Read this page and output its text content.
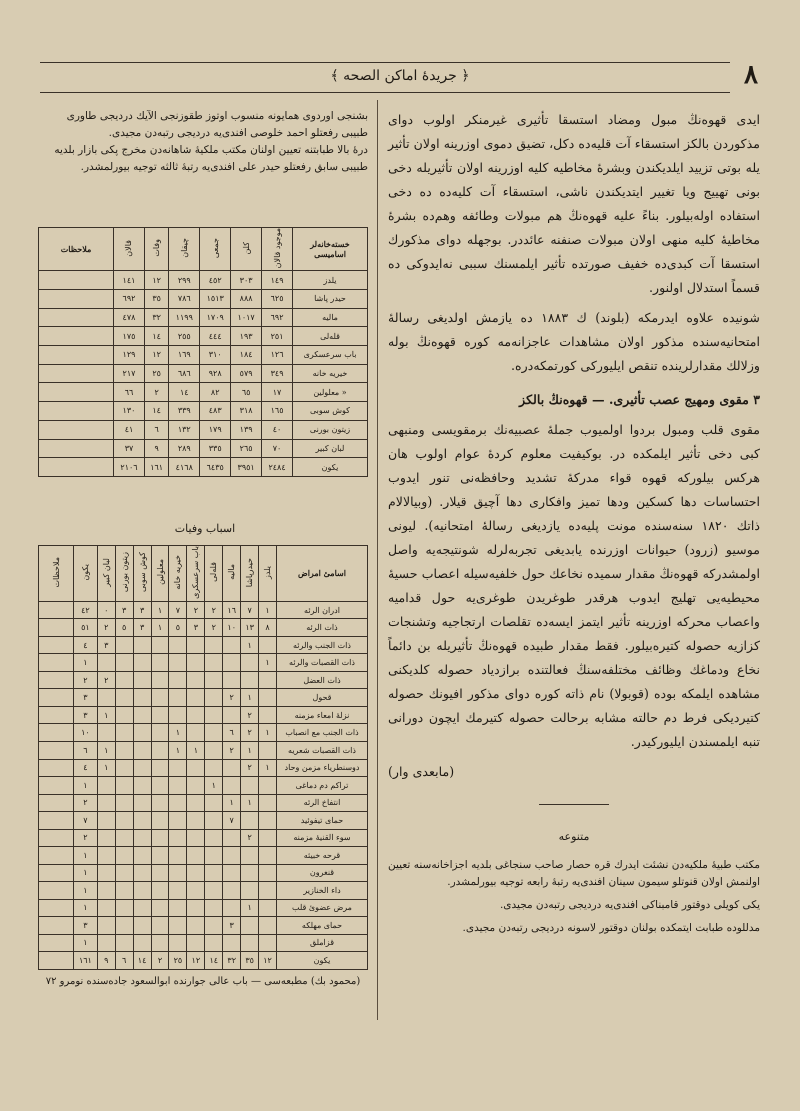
٨
﴿ جريدهٔ اماكن الصحه ﴾

ايدى قهوه‌نڭ مبول ومضاد استسقا تأثيرى غيرمنكر اولوب دوای مذكوردن بالكز استسقاء آت قليه‌ده دكل، تضيق دموى اوزرينه اولان تأثير يله بوتى تزييد ايلديكندن وبشرهٔ مخاطيه كليه اوزرينه اولان تأثيريله دخى بونى تهييج ويا تغيير ايتديكندن ناشى، استسقاء آت كليه‌ده ده دخى استفاده اوله‌بيلور. بناءً عليه قهوه‌نڭ هم مبولات وطائفه وهم‌ده بشرهٔ مخاطيهٔ كليه منهى اولان مبولات صنفنه عائددر. بوجهله دواى مذكورك استسقا آت كبدى‌ده خفيف صورتده تأثير ايلمسنك سببى نه‌ايدوكى ده قسماً استدلال اولنور.

شونيده علاوه ايدرمكه (بلوند) ك ١٨٨٣ ده يازمش اولديغى رسالهٔ امتحانيه‌سنده مذكور اولان مشاهدات عاجزانه‌مه كوره قهوه‌نڭ بوله وزلالك مقدارلرينده تنقص ايليوركى كورتمكه‌دره.

٣ مقوى ومهيج عصب تأثيرى. — قهوه‌نڭ بالكز

مقوى قلب ومبول بردوا اولميوب جملهٔ عصبيه‌نك برمقويسى ومنبهى كبى دخى تأثير ايلمكده در. بوكيفيت معلوم كردهٔ عوام اولوب هان هركس بيلوركه قهوه قواء مدركهٔ تشديد وحافظه‌نى تنور ايدوب احتساسات دها كسكين ودها تميز وافكارى دها آچيق قيلار. (وبيالالام ذاتك ١٨٢٠ سنه‌سنده مونت پليه‌ده يازديغى رسالهٔ امتحانيه). ليونى موسيو (زرود) حيوانات اوزرنده يابديغى تجربه‌لرله شونتيجه‌يه واصل اولمشدركه قهوه‌نڭ مقدار سميده نخاعك حول خلفيه‌سيله اعصاب حسيهٔ محيطيه‌يى تهليج ايدوب هرقدر طوغريدن طوغرى‌يه حول قدامیه واعصاب محركه اوزرينه تأثير ايتمز ايسه‌ده تقلصات ارتجاجيه وتشنجات كزازيه حصوله كتيره‌بيلور. فقط مقدار طبيده قهوه‌نڭ تأثيريله بن دائماً نخاع ودماغك وظائف مختلفه‌سنڭ فعالتنده برازدياد حصوله كلديكنى مشاهده ايلمكه بوده (قوبولا) نام ذاته كوره دواى مذكور افيونك حصوله كتيرديكى فرط دم حالته مشابه برحالت حصوله كتيرمك ايچون دورانى تنبه ايلمسندن ايليوركيدر.

(مابعدى وار)

متنوعه

مكتب طبيهٔ ملكيه‌دن نشئت ايدرك قره حصار صاحب سنجاغى بلديه اجزاخانه‌سنه تعيين اولنمش اولان قنوتلو سيمون سينان افندى‌يه رتبهٔ رابعه توجيه بيورلمشدر.

يكى كويلى دوقتور قامبناكى افندى‌يه درديجى رتبه‌دن مجيدى.

مدللوده طبابت ايتمكده بولنان دوقتور لاسونه درديجى رتبه‌دن مجيدى.

بشنجى اوردوى همايونه منسوب اوتوز طقوزنجى الآيك درديجى طاورى طبيبى رفعتلو احمد خلوصى افندى‌يه درديجى رتبه‌دن مجيدى.
درهٔ بالا طبابتنه تعيين اولنان مكتب ملكيهٔ شاهانه‌دن مخرج پكى بازار بلديه طبيبى سابق رفعتلو حيدر على افندى‌يه رتبهٔ ثالثه توجيه بيورلمشدر.
خسته‌خانه‌لر اسامیسی	موجود قالان	كلن	جمعى	چيقان	وفات	قالان	ملاحظات
يلدز	١٤٩	٣٠٣	٤٥٢	٢٩٩	١٢	١٤١	
حيدر پاشا	٦٢٥	٨٨٨	١٥١٣	٧٨٦	٣٥	٦٩٢	
ماليه	٦٩٢	١٠١٧	١٧٠٩	١١٩٩	٣٢	٤٧٨	
قله‌لى	٢٥١	١٩٣	٤٤٤	٢٥٥	١٤	١٧٥	
باب سرعسكرى	١٢٦	١٨٤	٣١٠	١٦٩	١٢	١٢٩	
خيريه خانه	٣٤٩	٥٧٩	٩٢٨	٦٨٦	٢٥	٢١٧	
« معلولين	١٧	٦٥	٨٢	١٤	٢	٦٦	
كوش سوبى	١٦٥	٣١٨	٤٨٣	٣٣٩	١٤	١٣٠	
زيتون بورنى	٤٠	١٣٩	١٧٩	١٣٢	٦	٤١	
لبان كبير	٧٠	٢٦٥	٣٣٥	٢٨٩	٩	٣٧	
يكون	٢٤٨٤	٣٩٥١	٦٤٣٥	٤١٦٨	١٦١	٢١٠٦	
اسباب وفيات
اسامىٔ امراض	يلدز	حيدرپاشا	ماليه	قله‌لى	باب سرعسكرى	خيريه خانه	معلولين	كوش سوبى	زيتون بورنى	لبان كبير	يكون	ملاحظات
ادران الرئه	١	٧	١٦	٢	٢	٧	١	٣	٣	٠	٤٢	
ذات الرئه	٨	١٣	١٠	٢	٣	٥	١	٣	٥	٢	٥١	
ذات الجنب والرئه		١								٣	٤	
ذات القصبات والرئه	١										١	
ذات العضل										٢	٢	
قحول		١	٢								٣	
نزلهٔ امعاء مزمنه		٢								١	٣	
ذات الجنب مع انصباب	١	٢	٦			١					١٠	
ذات القصبات شعريه		١	٢		١	١				١	٦	
دوسنطرياء مزمن وحاد	١	٢								١	٤	
تراكم دم دماغى				١							١	
انتفاخ الرئه		١	١								٢	
حماى تيفوئيد			٧								٧	
سوء القنيهٔ مزمنه		٢									٢	
قرحه خبيثه											١	
قنغرون											١	
داء الخنازير											١	
مرض عضوىٔ قلب		١									١	
حماى مهلكه			٣								٣	
قزاملق											١	
يكون	١٢	٣٥	٣٢	١٤	١٢	٢٥	٢	١٤	٦	٩	١٦١	
(محمود بك) مطبعه‌سى — باب عالى جوارنده ابوالسعود جاده‌سنده نومرو ٧٢
